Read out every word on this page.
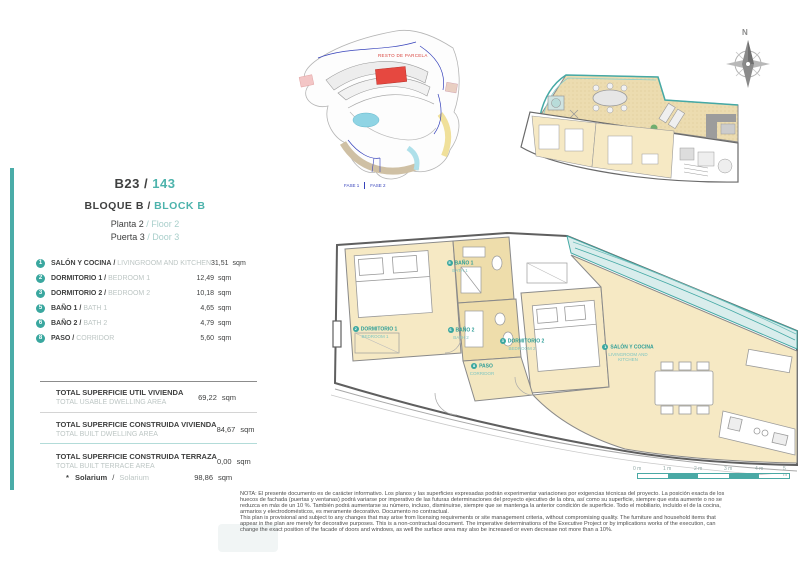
B23 / 143
BLOQUE B / BLOCK B
Planta 2 / Floor 2
Puerta 3 / Door 3
1	SALÓN Y COCINA / LIVINGROOM AND KITCHEN 31,51 sqm
2	DORMITORIO 1 / BEDROOM 1	12,49 sqm
3	DORMITORIO 2 / BEDROOM 2	10,18 sqm
5	BAÑO 1 / BATH 1	4,65 sqm
6	BAÑO 2 / BATH 2	4,79 sqm
8	PASO / CORRIDOR	5,60 sqm
TOTAL SUPERFICIE UTIL VIVIENDA
TOTAL USABLE DWELLING AREA
69,22 sqm
TOTAL SUPERFICIE CONSTRUIDA VIVIENDA
TOTAL BUILT DWELLING AREA
84,67 sqm
TOTAL SUPERFICIE CONSTRUIDA TERRAZA
TOTAL BUILT TERRACE AREA
0,00 sqm
* Solarium / Solarium	98,86 sqm
RESTO DE PARCELA
FASE 1 FASE 2
N
2 DORMITORIO 1
BEDROOM 1
5 BAÑO 1
BATH 1
6 BAÑO 2
BATH 2
3 DORMITORIO 2
BEDROOM 2
8 PASO
CORRIDOR
1 SALÓN Y COCINA
LIVINGROOM AND KITCHEN
0 m	1 m	2 m	3 m	4 m	5 m
NOTA: El presente documento es de carácter informativo. Los planos y las superficies expresadas podrán experimentar variaciones por exigencias técnicas del proyecto. La posición exacta de los
huecos de fachada (puertas y ventanas) podrá variarse por imperativo de las futuras determinaciones del proyecto ejecutivo de la obra, así como su superficie, siempre que esta aumente o no se
reduzca en más de un 10 %. También podrá aumentarse su número, incluso, disminuirse, siempre que se mantenga la anterior condición de superficie. Todo el mobiliario, incluido el de la cocina,
armarios y electrodomésticos, es meramente decorativo. Documento no contractual.
This plan is provisional and subject to any changes that may arise from licensing requirements or site management criteria, without compromising quality. The furniture and household items that
appear in the plan are merely for decorative purposes. This is a non-contractual document. The imperative determinations of the Executive Project or by implications works of the execution, can
change the exact position of the facade of doors and windows, as well the surface area may also be increased or even decrease not more than a 10%.
